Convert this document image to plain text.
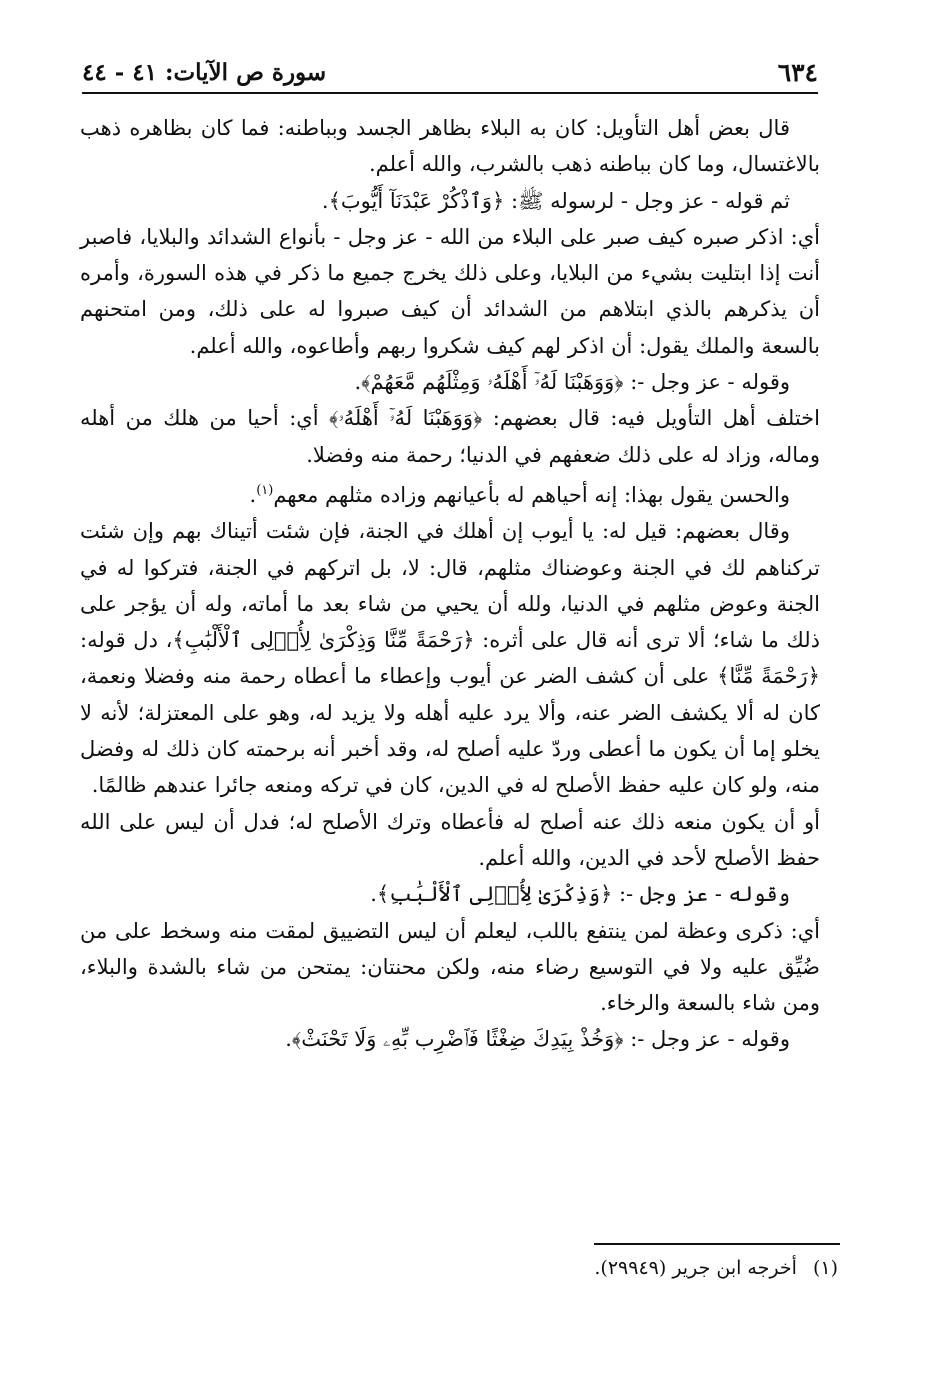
٦٣٤
سورة ص الآيات: ٤١ - ٤٤

قال بعض أهل التأويل: كان به البلاء بظاهر الجسد وبباطنه: فما كان بظاهره ذهب بالاغتسال، وما كان بباطنه ذهب بالشرب، والله أعلم.

ثم قوله - عز وجل - لرسوله ﷺ: ﴿وَٱذْكُرْ عَبْدَنَآ أَيُّوبَ﴾.

أي: اذكر صبره كيف صبر على البلاء من الله - عز وجل - بأنواع الشدائد والبلايا، فاصبر أنت إذا ابتليت بشيء من البلايا، وعلى ذلك يخرج جميع ما ذكر في هذه السورة، وأمره أن يذكرهم بالذي ابتلاهم من الشدائد أن كيف صبروا له على ذلك، ومن امتحنهم بالسعة والملك يقول: أن اذكر لهم كيف شكروا ربهم وأطاعوه، والله أعلم.

وقوله - عز وجل -: ﴿وَوَهَبْنَا لَهُۥٓ أَهْلَهُۥ وَمِثْلَهُم مَّعَهُمْ﴾.

اختلف أهل التأويل فيه: قال بعضهم: ﴿وَوَهَبْنَا لَهُۥٓ أَهْلَهُۥ﴾ أي: أحيا من هلك من أهله وماله، وزاد له على ذلك ضعفهم في الدنيا؛ رحمة منه وفضلا.

والحسن يقول بهذا: إنه أحياهم له بأعيانهم وزاده مثلهم معهم$^{(١)}$.

وقال بعضهم: قيل له: يا أيوب إن أهلك في الجنة، فإن شئت أتيناك بهم وإن شئت تركناهم لك في الجنة وعوضناك مثلهم، قال: لا، بل اتركهم في الجنة، فتركوا له في الجنة وعوض مثلهم في الدنيا، ولله أن يحيي من شاء بعد ما أماته، وله أن يؤجر على ذلك ما شاء؛ ألا ترى أنه قال على أثره: ﴿رَحْمَةً مِّنَّا وَذِكْرَىٰ لِأُو۟لِى ٱلْأَلْبَٰبِ﴾، دل قوله: ﴿رَحْمَةً مِّنَّا﴾ على أن كشف الضر عن أيوب وإعطاء ما أعطاه رحمة منه وفضلا ونعمة، كان له ألا يكشف الضر عنه، وألا يرد عليه أهله ولا يزيد له، وهو على المعتزلة؛ لأنه لا يخلو إما أن يكون ما أعطى وردّ عليه أصلح له، وقد أخبر أنه برحمته كان ذلك له وفضل منه، ولو كان عليه حفظ الأصلح له في الدين، كان في تركه ومنعه جائرا عندهم ظالمًا.

أو أن يكون منعه ذلك عنه أصلح له فأعطاه وترك الأصلح له؛ فدل أن ليس على الله حفظ الأصلح لأحد في الدين، والله أعلم.

وقوله - عز وجل -: ﴿وَذِكْرَىٰ لِأُو۟لِى ٱلْأَلْبَٰبِ﴾.

أي: ذكرى وعظة لمن ينتفع باللب، ليعلم أن ليس التضييق لمقت منه وسخط على من ضُيِّق عليه ولا في التوسيع رضاء منه، ولكن محنتان: يمتحن من شاء بالشدة والبلاء، ومن شاء بالسعة والرخاء.

وقوله - عز وجل -: ﴿وَخُذْ بِيَدِكَ ضِغْثًا فَٱضْرِب بِّهِۦ وَلَا تَحْنَثْ﴾.

(١) أخرجه ابن جرير (٢٩٩٤٩).
